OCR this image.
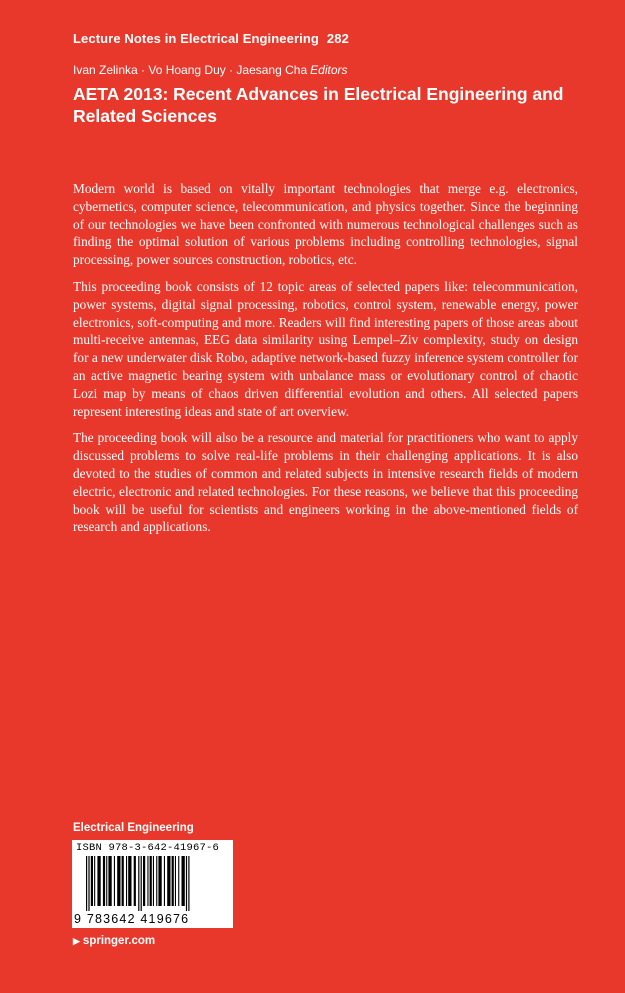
Lecture Notes in Electrical Engineering 282
Ivan Zelinka · Vo Hoang Duy · Jaesang Cha Editors
AETA 2013: Recent Advances in Electrical Engineering and Related Sciences

Modern world is based on vitally important technologies that merge e.g. electronics, cybernetics, computer science, telecommunication, and physics together. Since the beginning of our technologies we have been confronted with numerous technological challenges such as finding the optimal solution of various problems including controlling technologies, signal processing, power sources construction, robotics, etc.

This proceeding book consists of 12 topic areas of selected papers like: telecommunication, power systems, digital signal processing, robotics, control system, renewable energy, power electronics, soft-computing and more. Readers will find interesting papers of those areas about multi-receive antennas, EEG data similarity using Lempel–Ziv complexity, study on design for a new underwater disk Robo, adaptive network-based fuzzy inference system controller for an active magnetic bearing system with unbalance mass or evolutionary control of chaotic Lozi map by means of chaos driven differential evolution and others. All selected papers represent interesting ideas and state of art overview.

The proceeding book will also be a resource and material for practitioners who want to apply discussed problems to solve real-life problems in their challenging applications. It is also devoted to the studies of common and related subjects in intensive research fields of modern electric, electronic and related technologies. For these reasons, we believe that this proceeding book will be useful for scientists and engineers working in the above-mentioned fields of research and applications.

Electrical Engineering
ISBN 978-3-642-41967-6
9 783642 419676
▶ springer.com
